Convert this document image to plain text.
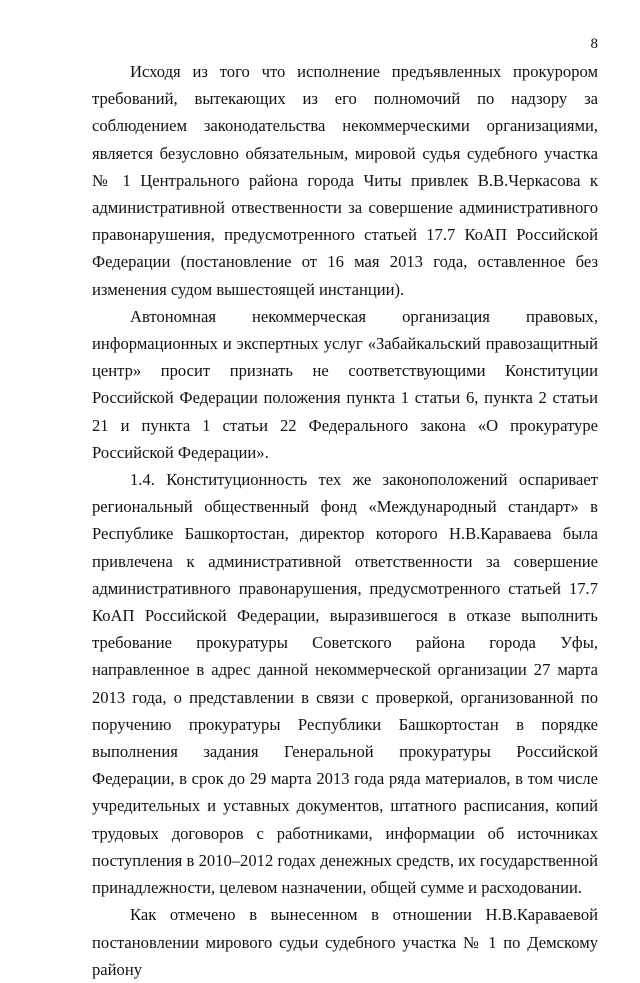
8

Исходя из того что исполнение предъявленных прокурором требований, вытекающих из его полномочий по надзору за соблюдением законодательства некоммерческими организациями, является безусловно обязательным, мировой судья судебного участка № 1 Центрального района города Читы привлек В.В.Черкасова к административной отвественности за совершение административного правонарушения, предусмотренного статьей 17.7 КоАП Российской Федерации (постановление от 16 мая 2013 года, оставленное без изменения судом вышестоящей инстанции).

Автономная некоммерческая организация правовых, информационных и экспертных услуг «Забайкальский правозащитный центр» просит признать не соответствующими Конституции Российской Федерации положения пункта 1 статьи 6, пункта 2 статьи 21 и пункта 1 статьи 22 Федерального закона «О прокуратуре Российской Федерации».

1.4. Конституционность тех же законоположений оспаривает региональный общественный фонд «Международный стандарт» в Республике Башкортостан, директор которого Н.В.Караваева была привлечена к административной ответственности за совершение административного правонарушения, предусмотренного статьей 17.7 КоАП Российской Федерации, выразившегося в отказе выполнить требование прокуратуры Советского района города Уфы, направленное в адрес данной некоммерческой организации 27 марта 2013 года, о представлении в связи с проверкой, организованной по поручению прокуратуры Республики Башкортостан в порядке выполнения задания Генеральной прокуратуры Российской Федерации, в срок до 29 марта 2013 года ряда материалов, в том числе учредительных и уставных документов, штатного расписания, копий трудовых договоров с работниками, информации об источниках поступления в 2010–2012 годах денежных средств, их государственной принадлежности, целевом назначении, общей сумме и расходовании.

Как отмечено в вынесенном в отношении Н.В.Караваевой постановлении мирового судьи судебного участка № 1 по Демскому району
